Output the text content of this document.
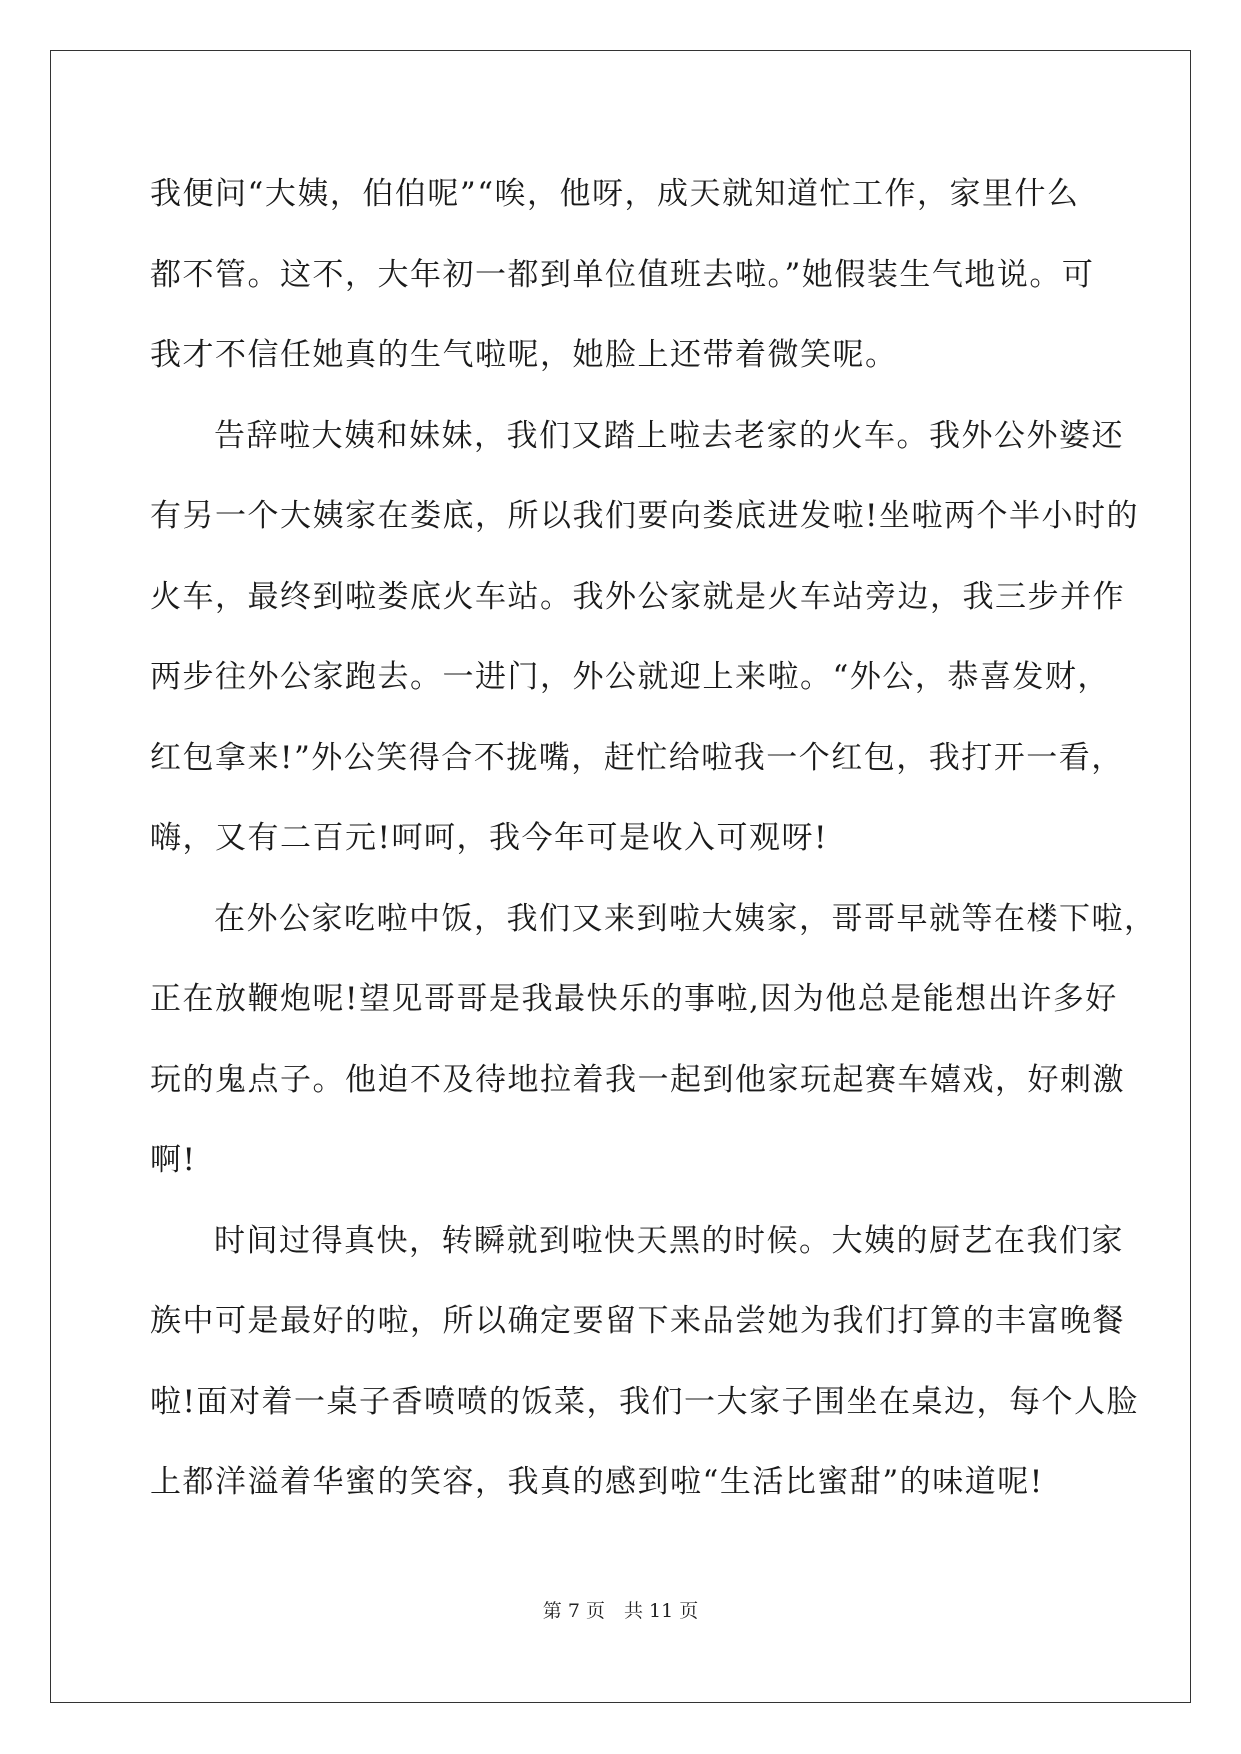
我便问“大姨，伯伯呢”“唉，他呀，成天就知道忙工作，家里什么
都不管。这不，大年初一都到单位值班去啦。”她假装生气地说。可
我才不信任她真的生气啦呢，她脸上还带着微笑呢。
告辞啦大姨和妹妹，我们又踏上啦去老家的火车。我外公外婆还
有另一个大姨家在娄底，所以我们要向娄底进发啦!坐啦两个半小时的
火车，最终到啦娄底火车站。我外公家就是火车站旁边，我三步并作
两步往外公家跑去。一进门，外公就迎上来啦。“外公，恭喜发财，
红包拿来!”外公笑得合不拢嘴，赶忙给啦我一个红包，我打开一看，
嗨，又有二百元!呵呵，我今年可是收入可观呀!
在外公家吃啦中饭，我们又来到啦大姨家，哥哥早就等在楼下啦，
正在放鞭炮呢!望见哥哥是我最快乐的事啦,因为他总是能想出许多好
玩的鬼点子。他迫不及待地拉着我一起到他家玩起赛车嬉戏，好刺激
啊!
时间过得真快，转瞬就到啦快天黑的时候。大姨的厨艺在我们家
族中可是最好的啦，所以确定要留下来品尝她为我们打算的丰富晚餐
啦!面对着一桌子香喷喷的饭菜，我们一大家子围坐在桌边，每个人脸
上都洋溢着华蜜的笑容，我真的感到啦“生活比蜜甜”的味道呢!
第 7 页　共 11 页
